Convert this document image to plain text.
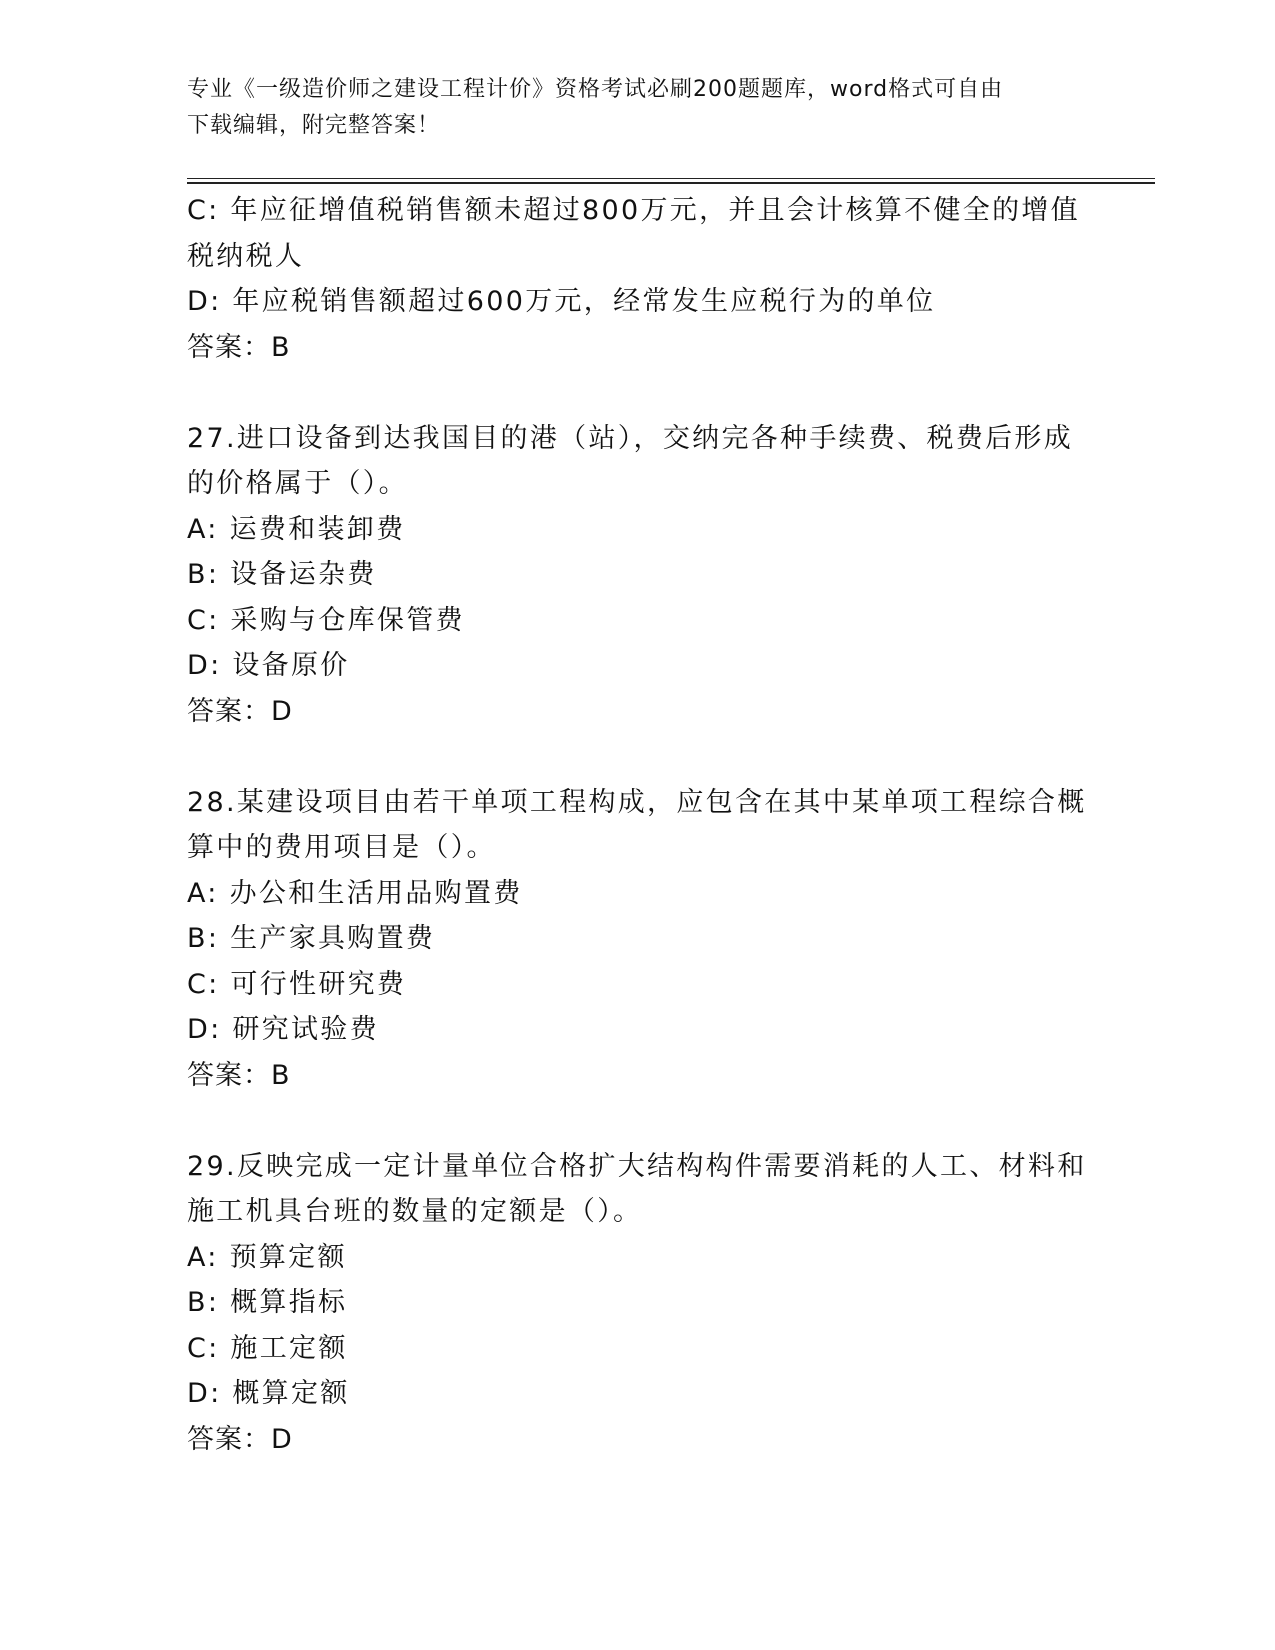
专业《一级造价师之建设工程计价》资格考试必刷200题题库，word格式可自由
下载编辑，附完整答案！
C: 年应征增值税销售额未超过800万元，并且会计核算不健全的增值
税纳税人
D: 年应税销售额超过600万元，经常发生应税行为的单位
答案：B
27.进口设备到达我国目的港（站），交纳完各种手续费、税费后形成
的价格属于（）。
A: 运费和装卸费
B: 设备运杂费
C: 采购与仓库保管费
D: 设备原价
答案：D
28.某建设项目由若干单项工程构成，应包含在其中某单项工程综合概
算中的费用项目是（）。
A: 办公和生活用品购置费
B: 生产家具购置费
C: 可行性研究费
D: 研究试验费
答案：B
29.反映完成一定计量单位合格扩大结构构件需要消耗的人工、材料和
施工机具台班的数量的定额是（）。
A: 预算定额
B: 概算指标
C: 施工定额
D: 概算定额
答案：D
